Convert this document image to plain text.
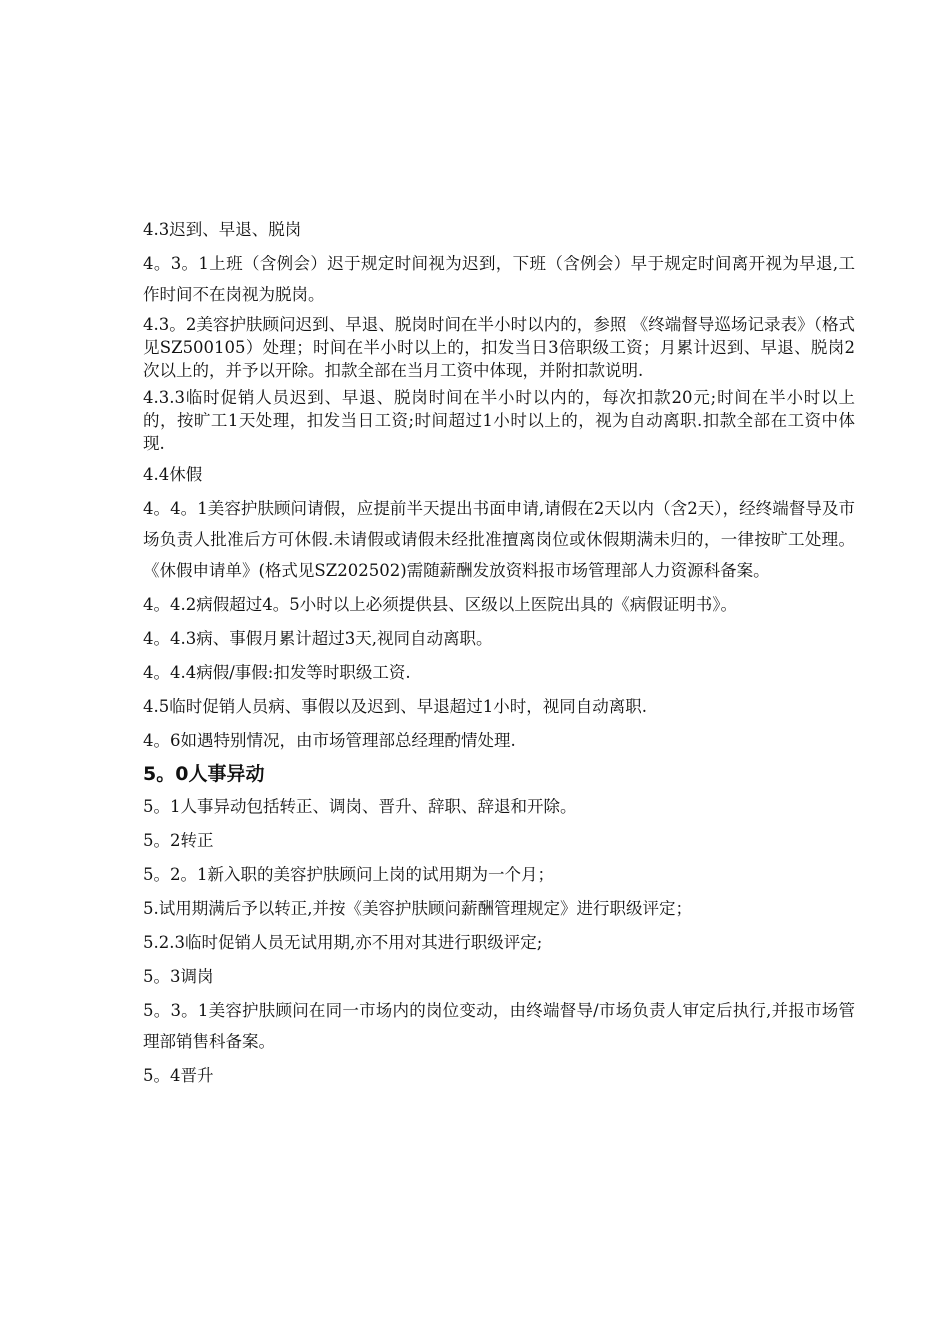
4.3迟到、早退、脱岗

4。3。1上班（含例会）迟于规定时间视为迟到，下班（含例会）早于规定时间离开视为早退,工作时间不在岗视为脱岗。

4.3。2美容护肤顾问迟到、早退、脱岗时间在半小时以内的，参照 《终端督导巡场记录表》（格式见SZ500105）处理；时间在半小时以上的，扣发当日3倍职级工资；月累计迟到、早退、脱岗2次以上的，并予以开除。扣款全部在当月工资中体现，并附扣款说明.

4.3.3临时促销人员迟到、早退、脱岗时间在半小时以内的，每次扣款20元;时间在半小时以上的，按旷工1天处理，扣发当日工资;时间超过1小时以上的，视为自动离职.扣款全部在工资中体现.

4.4休假

4。4。1美容护肤顾问请假，应提前半天提出书面申请,请假在2天以内（含2天），经终端督导及市场负责人批准后方可休假.未请假或请假未经批准擅离岗位或休假期满未归的，一律按旷工处理。《休假申请单》(格式见SZ202502)需随薪酬发放资料报市场管理部人力资源科备案。

4。4.2病假超过4。5小时以上必须提供县、区级以上医院出具的《病假证明书》。

4。4.3病、事假月累计超过3天,视同自动离职。

4。4.4病假/事假:扣发等时职级工资.

4.5临时促销人员病、事假以及迟到、早退超过1小时，视同自动离职.

4。6如遇特别情况，由市场管理部总经理酌情处理.

5。0人事异动

5。1人事异动包括转正、调岗、晋升、辞职、辞退和开除。

5。2转正

5。2。1新入职的美容护肤顾问上岗的试用期为一个月；

5.试用期满后予以转正,并按《美容护肤顾问薪酬管理规定》进行职级评定；

5.2.3临时促销人员无试用期,亦不用对其进行职级评定;

5。3调岗

5。3。1美容护肤顾问在同一市场内的岗位变动，由终端督导/市场负责人审定后执行,并报市场管理部销售科备案。

5。4晋升
